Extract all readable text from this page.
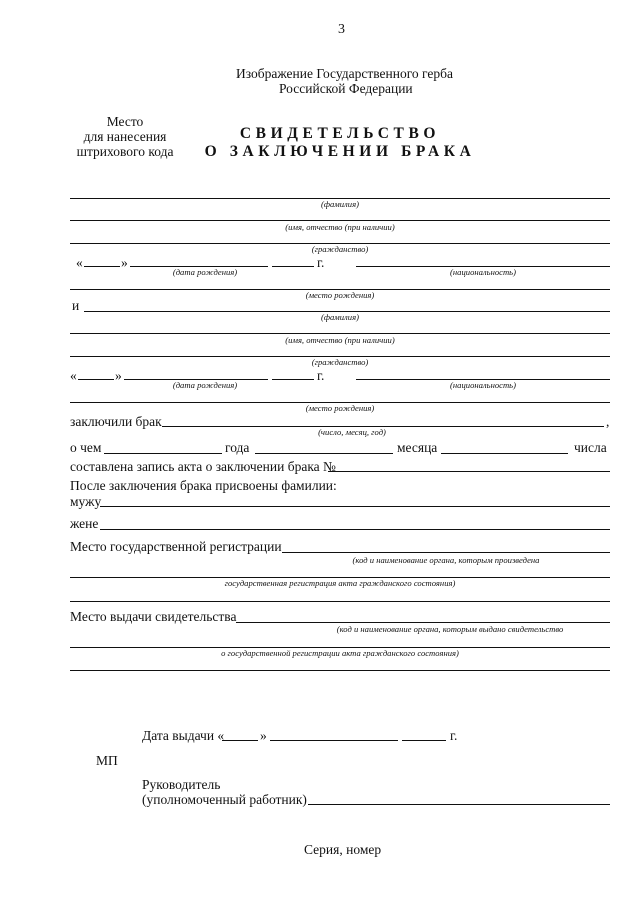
3
Изображение Государственного герба
Российской Федерации
Место
для нанесения
штрихового кода
СВИДЕТЕЛЬСТВО
О ЗАКЛЮЧЕНИИ БРАКА
(фамилия)
(имя, отчество (при наличии)
(гражданство)
«	»	г.
(дата рождения)	(национальность)
(место рождения)
и
(фамилия)
(имя, отчество (при наличии)
(гражданство)
«	»	г.
(дата рождения)	(национальность)
(место рождения)
заключили брак	,
(число, месяц, год)
о чем	года	месяца	числа
составлена запись акта о заключении брака №
После заключения брака присвоены фамилии:
мужу
жене
Место государственной регистрации
(код и наименование органа, которым произведена
государственная регистрация акта гражданского состояния)
Место выдачи свидетельства
(код и наименование органа, которым выдано свидетельство
о государственной регистрации акта гражданского состояния)
Дата выдачи «	»	г.
МП
Руководитель
(уполномоченный работник)
Серия, номер
